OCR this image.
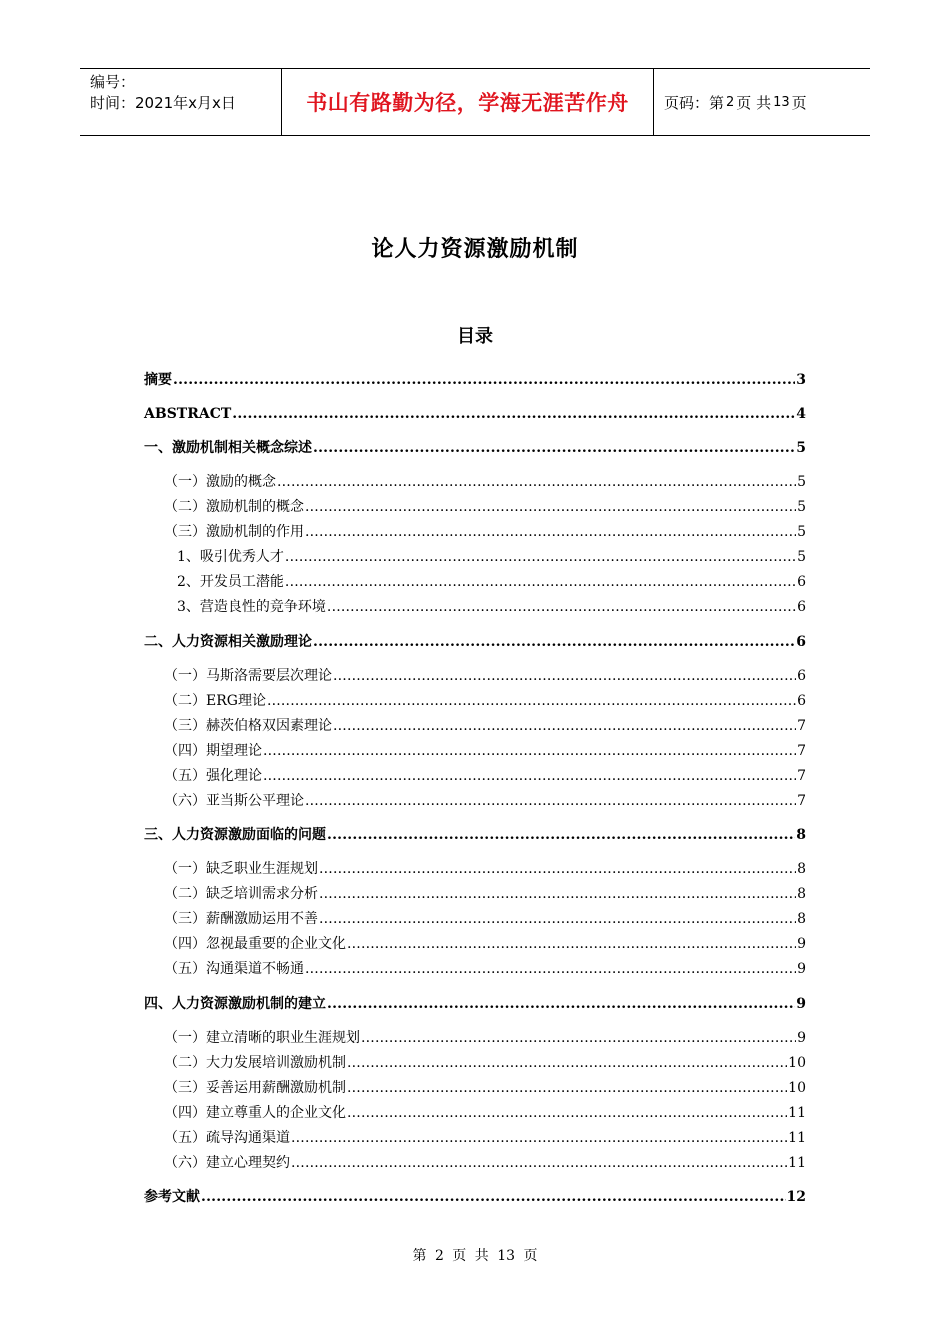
编号：
时间：2021年x月x日	书山有路勤为径，学海无涯苦作舟	页码：第 2 页 共 13 页
论人力资源激励机制
目录
摘要 .....	3
ABSTRACT .....	4
一、激励机制相关概念综述 .....	5
（一）激励的概念 .....	5
（二）激励机制的概念 .....	5
（三）激励机制的作用 .....	5
1、吸引优秀人才 .....	5
2、开发员工潜能 .....	6
3、营造良性的竞争环境 .....	6
二、人力资源相关激励理论 .....	6
（一）马斯洛需要层次理论 .....	6
（二）ERG理论 .....	6
（三）赫茨伯格双因素理论 .....	7
（四）期望理论 .....	7
（五）强化理论 .....	7
（六）亚当斯公平理论 .....	7
三、人力资源激励面临的问题 .....	8
（一）缺乏职业生涯规划 .....	8
（二）缺乏培训需求分析 .....	8
（三）薪酬激励运用不善 .....	8
（四）忽视最重要的企业文化 .....	9
（五）沟通渠道不畅通 .....	9
四、人力资源激励机制的建立 .....	9
（一）建立清晰的职业生涯规划 .....	9
（二）大力发展培训激励机制 .....	10
（三）妥善运用薪酬激励机制 .....	10
（四）建立尊重人的企业文化 .....	11
（五）疏导沟通渠道 .....	11
（六）建立心理契约 .....	11
参考文献 .....	12
第 2 页 共 13 页
